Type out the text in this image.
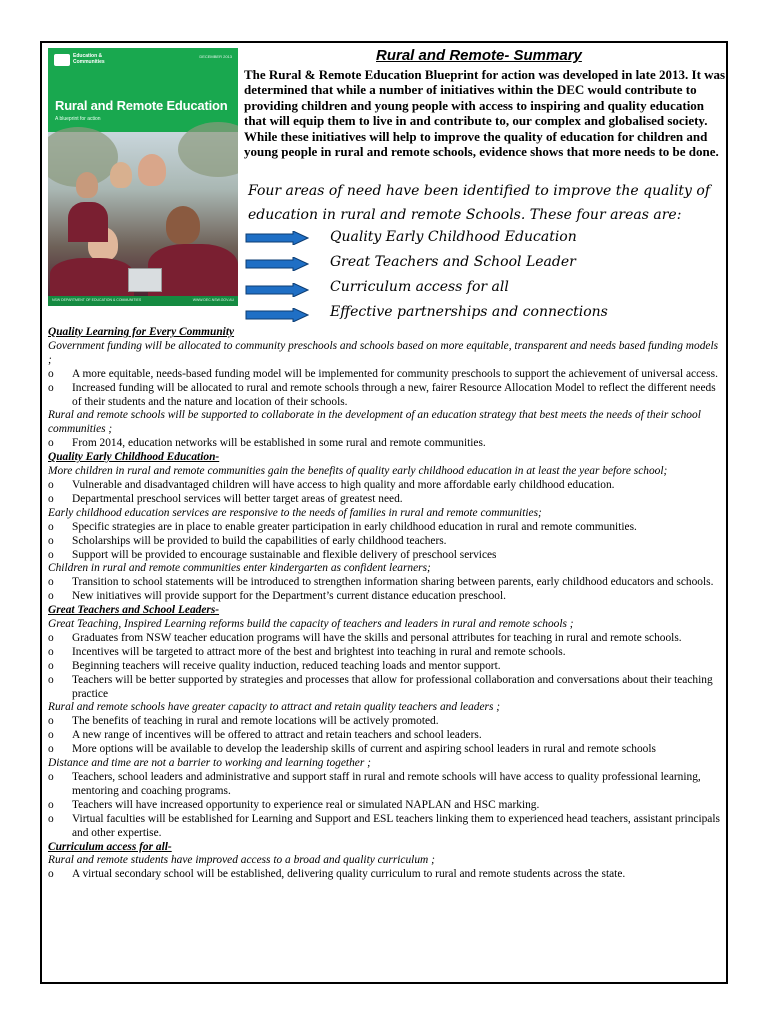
Education & Communities
DECEMBER 2013
Rural and Remote Education
A blueprint for action
NSW DEPARTMENT OF EDUCATION & COMMUNITIES	WWW.DEC.NSW.GOV.AU
Rural and Remote- Summary
The Rural & Remote Education Blueprint for action was developed in late 2013. It was determined that while a number of initiatives within the DEC would contribute to providing children and young people with access to inspiring and quality education that will equip them to live in and contribute to, our complex and globalised society. While these initiatives will help to improve the quality of education for children and young people in rural and remote schools, evidence shows that more needs to be done.
Four areas of need have been identified to improve the quality of education in rural and remote Schools. These four areas are:
Quality Early Childhood Education
Great Teachers and School Leader
Curriculum access for all
Effective partnerships and connections

Quality Learning for Every Community

Government funding will be allocated to community preschools and schools based on more equitable, transparent and needs based funding models ;

o A more equitable, needs-based funding model will be implemented for community preschools to support the achievement of universal access.

o Increased funding will be allocated to rural and remote schools through a new, fairer Resource Allocation Model to reflect the different needs of their students and the nature and location of their schools.

Rural and remote schools will be supported to collaborate in the development of an education strategy that best meets the needs of their school communities ;

o From 2014, education networks will be established in some rural and remote communities.

Quality Early Childhood Education-

More children in rural and remote communities gain the benefits of quality early childhood education in at least the year before school;

o Vulnerable and disadvantaged children will have access to high quality and more affordable early childhood education.

o Departmental preschool services will better target areas of greatest need.

Early childhood education services are responsive to the needs of families in rural and remote communities;

o Specific strategies are in place to enable greater participation in early childhood education in rural and remote communities.

o Scholarships will be provided to build the capabilities of early childhood teachers.

o Support will be provided to encourage sustainable and flexible delivery of preschool services

Children in rural and remote communities enter kindergarten as confident learners;

o Transition to school statements will be introduced to strengthen information sharing between parents, early childhood educators and schools.

o New initiatives will provide support for the Department’s current distance education preschool.

Great Teachers and School Leaders-

Great Teaching, Inspired Learning reforms build the capacity of teachers and leaders in rural and remote schools ;

o Graduates from NSW teacher education programs will have the skills and personal attributes for teaching in rural and remote schools.

o Incentives will be targeted to attract more of the best and brightest into teaching in rural and remote schools.

o Beginning teachers will receive quality induction, reduced teaching loads and mentor support.

o Teachers will be better supported by strategies and processes that allow for professional collaboration and conversations about their teaching practice

Rural and remote schools have greater capacity to attract and retain quality teachers and leaders ;

o The benefits of teaching in rural and remote locations will be actively promoted.

o A new range of incentives will be offered to attract and retain teachers and school leaders.

o More options will be available to develop the leadership skills of current and aspiring school leaders in rural and remote schools

Distance and time are not a barrier to working and learning together ;

o Teachers, school leaders and administrative and support staff in rural and remote schools will have access to quality professional learning, mentoring and coaching programs.

o Teachers will have increased opportunity to experience real or simulated NAPLAN and HSC marking.

o Virtual faculties will be established for Learning and Support and ESL teachers linking them to experienced head teachers, assistant principals and other expertise.

Curriculum access for all-

Rural and remote students have improved access to a broad and quality curriculum ;

o A virtual secondary school will be established, delivering quality curriculum to rural and remote students across the state.
